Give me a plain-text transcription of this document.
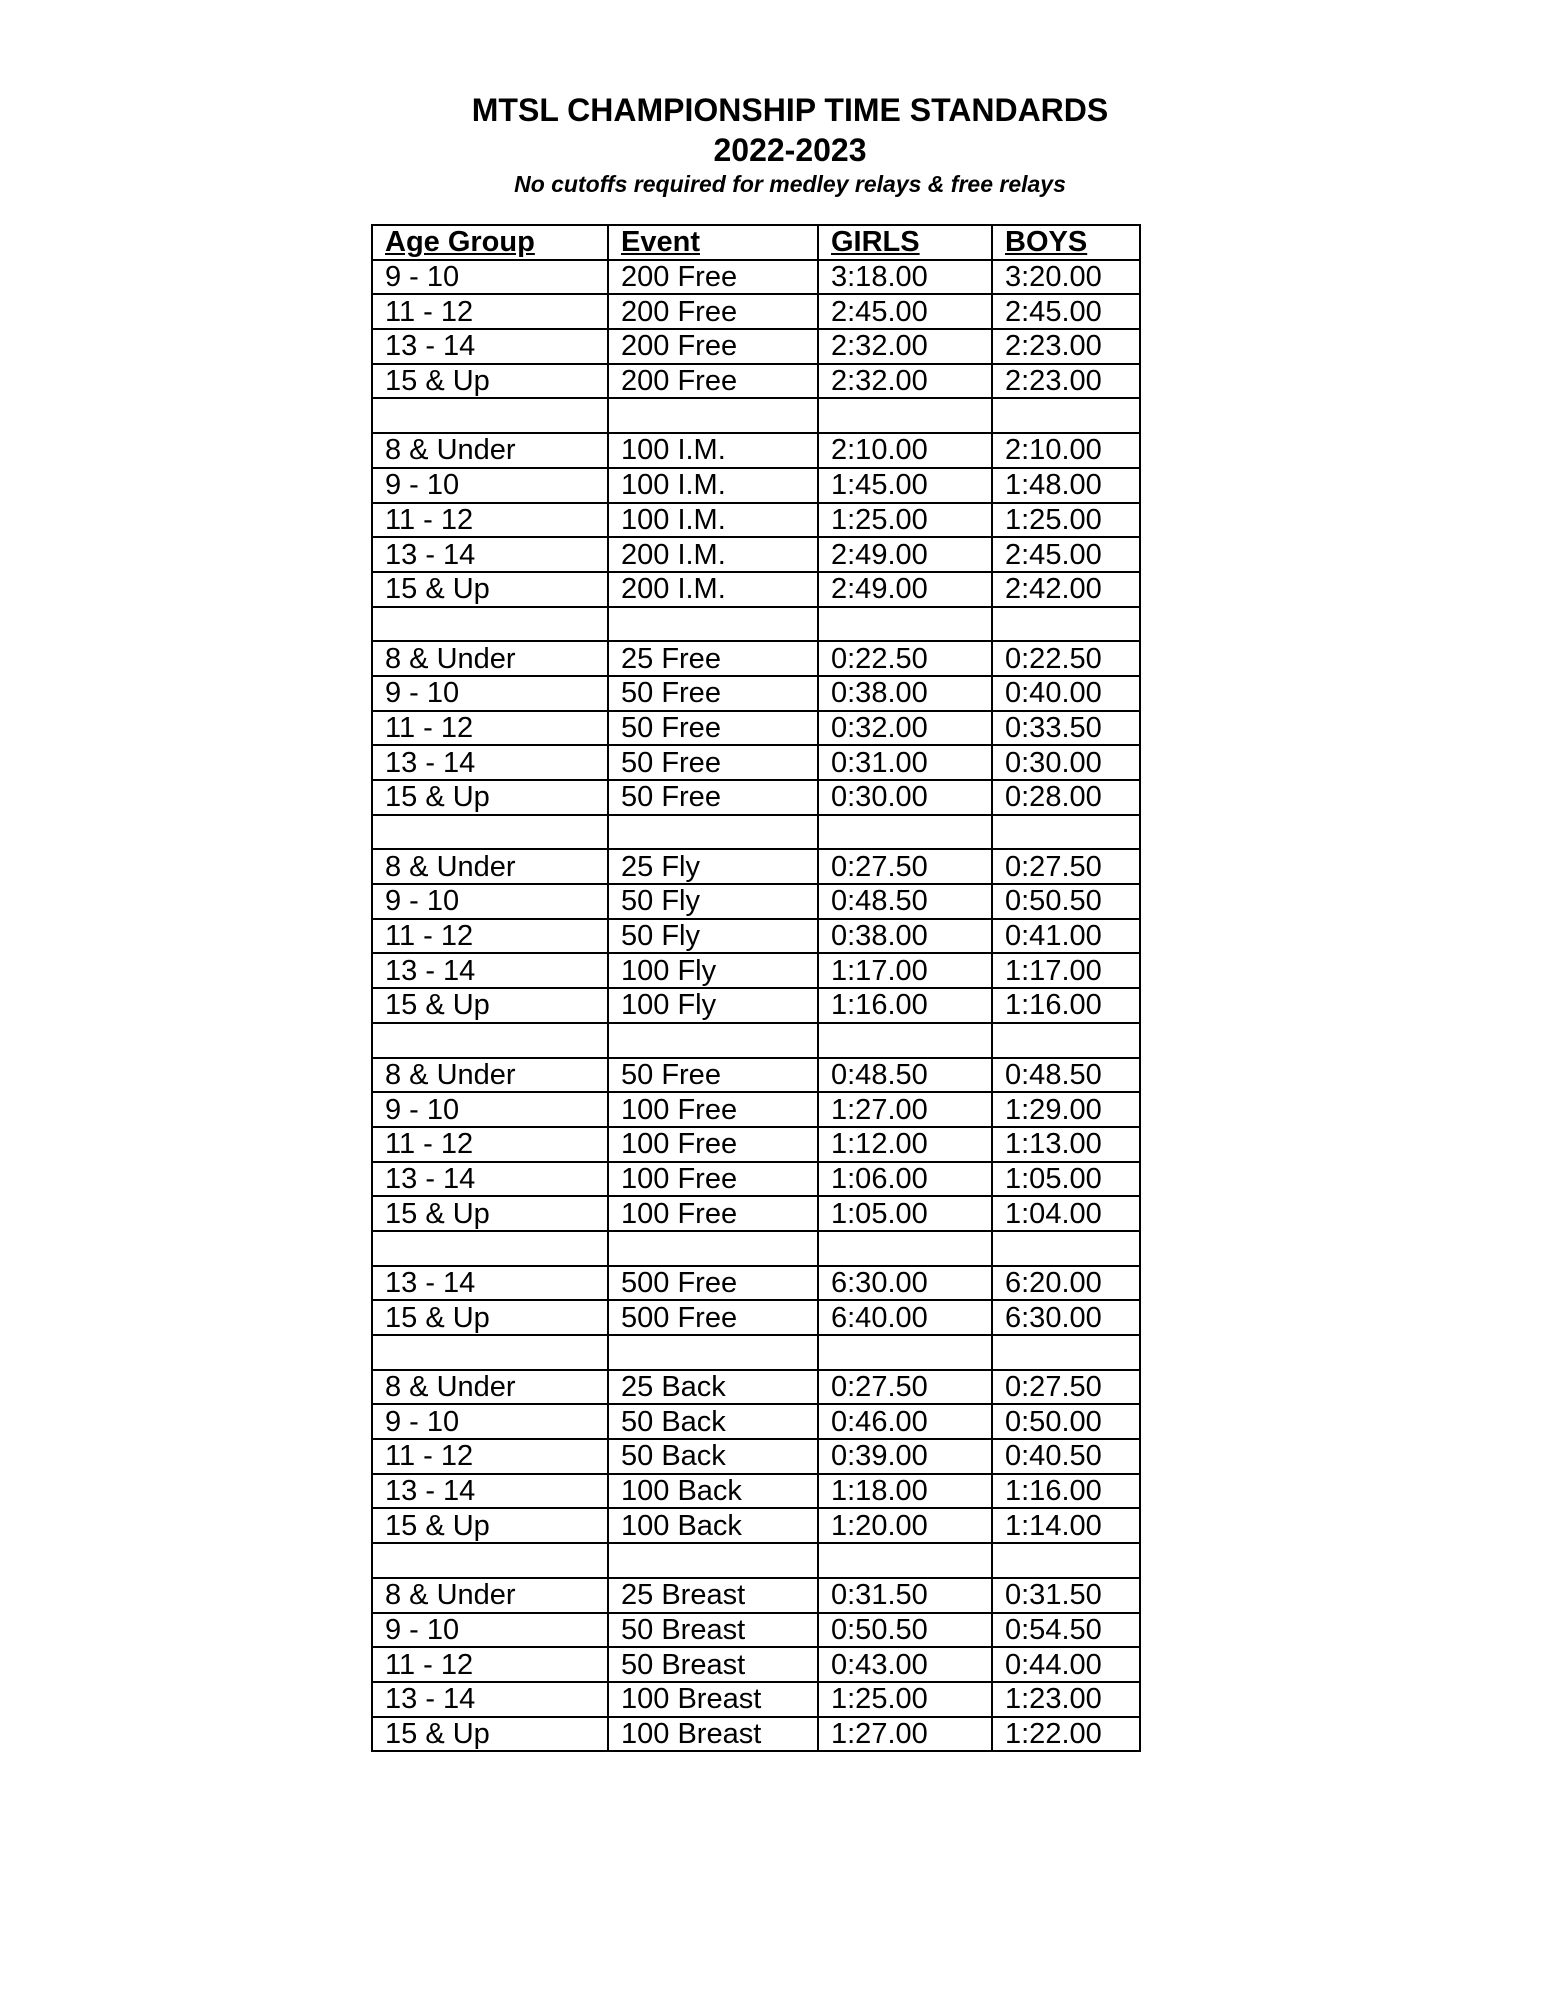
MTSL CHAMPIONSHIP TIME STANDARDS
2022-2023

No cutoffs required for medley relays & free relays

Age Group	Event	GIRLS	BOYS
9 - 10	200 Free	3:18.00	3:20.00
11 - 12	200 Free	2:45.00	2:45.00
13 - 14	200 Free	2:32.00	2:23.00
15 & Up	200 Free	2:32.00	2:23.00

8 & Under	100 I.M.	2:10.00	2:10.00
9 - 10	100 I.M.	1:45.00	1:48.00
11 - 12	100 I.M.	1:25.00	1:25.00
13 - 14	200 I.M.	2:49.00	2:45.00
15 & Up	200 I.M.	2:49.00	2:42.00

8 & Under	25 Free	0:22.50	0:22.50
9 - 10	50 Free	0:38.00	0:40.00
11 - 12	50 Free	0:32.00	0:33.50
13 - 14	50 Free	0:31.00	0:30.00
15 & Up	50 Free	0:30.00	0:28.00

8 & Under	25 Fly	0:27.50	0:27.50
9 - 10	50 Fly	0:48.50	0:50.50
11 - 12	50 Fly	0:38.00	0:41.00
13 - 14	100 Fly	1:17.00	1:17.00
15 & Up	100 Fly	1:16.00	1:16.00

8 & Under	50 Free	0:48.50	0:48.50
9 - 10	100 Free	1:27.00	1:29.00
11 - 12	100 Free	1:12.00	1:13.00
13 - 14	100 Free	1:06.00	1:05.00
15 & Up	100 Free	1:05.00	1:04.00

13 - 14	500 Free	6:30.00	6:20.00
15 & Up	500 Free	6:40.00	6:30.00

8 & Under	25 Back	0:27.50	0:27.50
9 - 10	50 Back	0:46.00	0:50.00
11 - 12	50 Back	0:39.00	0:40.50
13 - 14	100 Back	1:18.00	1:16.00
15 & Up	100 Back	1:20.00	1:14.00

8 & Under	25 Breast	0:31.50	0:31.50
9 - 10	50 Breast	0:50.50	0:54.50
11 - 12	50 Breast	0:43.00	0:44.00
13 - 14	100 Breast	1:25.00	1:23.00
15 & Up	100 Breast	1:27.00	1:22.00
